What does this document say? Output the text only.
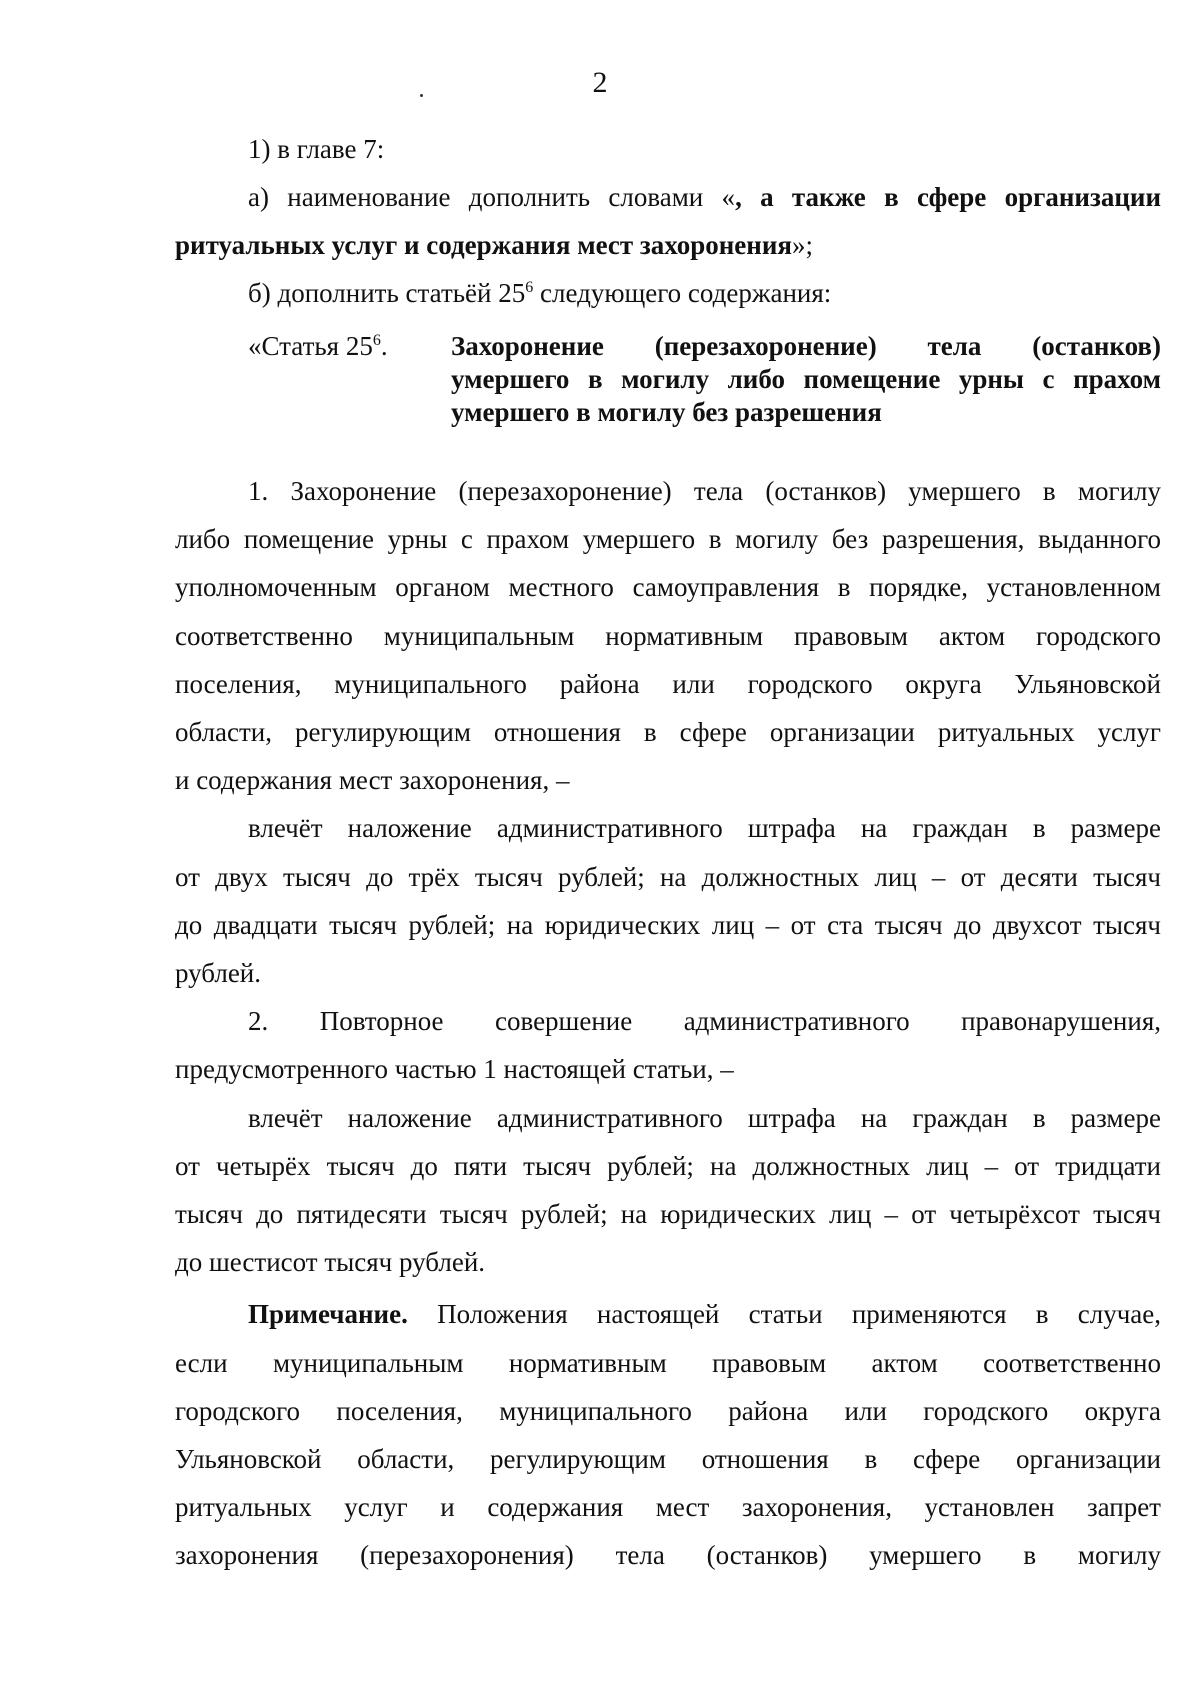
2
1) в главе 7:
а) наименование дополнить словами «, а также в сфере организации
ритуальных услуг и содержания мест захоронения»;
б) дополнить статьёй $25^6$ следующего содержания:
«Статья $25^6$. Захоронение (перезахоронение) тела (останков)
умершего в могилу либо помещение урны с прахом
умершего в могилу без разрешения
1. Захоронение (перезахоронение) тела (останков) умершего в могилу
либо помещение урны с прахом умершего в могилу без разрешения, выданного
уполномоченным органом местного самоуправления в порядке, установленном
соответственно муниципальным нормативным правовым актом городского
поселения, муниципального района или городского округа Ульяновской
области, регулирующим отношения в сфере организации ритуальных услуг
и содержания мест захоронения, –
влечёт наложение административного штрафа на граждан в размере
от двух тысяч до трёх тысяч рублей; на должностных лиц – от десяти тысяч
до двадцати тысяч рублей; на юридических лиц – от ста тысяч до двухсот тысяч
рублей.
2. Повторное совершение административного правонарушения,
предусмотренного частью 1 настоящей статьи, –
влечёт наложение административного штрафа на граждан в размере
от четырёх тысяч до пяти тысяч рублей; на должностных лиц – от тридцати
тысяч до пятидесяти тысяч рублей; на юридических лиц – от четырёхсот тысяч
до шестисот тысяч рублей.
Примечание. Положения настоящей статьи применяются в случае,
если муниципальным нормативным правовым актом соответственно
городского поселения, муниципального района или городского округа
Ульяновской области, регулирующим отношения в сфере организации
ритуальных услуг и содержания мест захоронения, установлен запрет
захоронения (перезахоронения) тела (останков) умершего в могилу
